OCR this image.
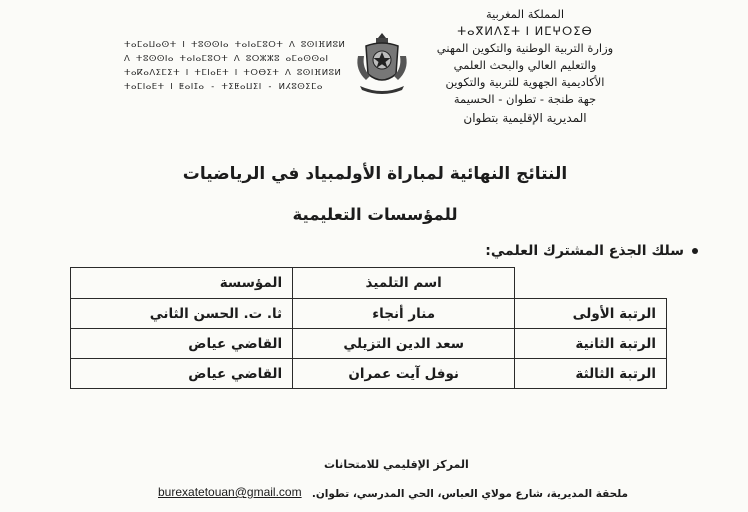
المملكة المغربية
ⵜⴰⴳⵍⴷⵉⵜ ⵏ ⵍⵎⵖⵔⵉⴱ
وزارة التربية الوطنية والتكوين المهني
والتعليم العالي والبحث العلمي
الأكاديمية الجهوية للتربية والتكوين
جهة طنجة - تطوان - الحسيمة
المديرية الإقليمية بتطوان
ⵜⴰⵎⴰⵡⴰⵙⵜ ⵏ ⵜⵓⵙⵙⵏⴰ ⵜⴰⵏⴰⵎⵓⵔⵜ ⴷ ⵓⵙⵏⴼⵍⵓⵍ
ⴷ ⵜⵓⵙⵙⵏⴰ ⵜⴰⵏⴰⵎⵓⵔⵜ ⴷ ⵓⵔⵣⵣⵓ ⴰⵎⴰⵙⵙⴰⵏ
ⵜⴰⴽⴰⴷⵉⵎⵉⵜ ⵏ ⵜⵎⵏⴰⴹⵜ ⵏ ⵜⵔⴱⵉⵜ ⴷ ⵓⵙⵏⴼⵍⵓⵍ
ⵜⴰⵎⵏⴰⴹⵜ ⵏ ⵟⴰⵏⵊⴰ - ⵜⵉⵟⴰⵡⵉⵏ - ⵍⵃⵓⵙⵉⵎⴰ
النتائج النهائية لمباراة الأولمبياد في الرياضيات
للمؤسسات التعليمية
سلك الجذع المشترك العلمي:
	اسم التلميذ	المؤسسة
الرتبة الأولى	منار أنجاء	ثا. ت. الحسن الثاني
الرتبة الثانية	سعد الدين التزيلي	القاضي عياض
الرتبة الثالثة	نوفل آيت عمران	القاضي عياض
المركز الإقليمي للامتحانات
burexatetouan@gmail.com ملحقة المديرية، شارع مولاي العباس، الحي المدرسي، تطوان.
